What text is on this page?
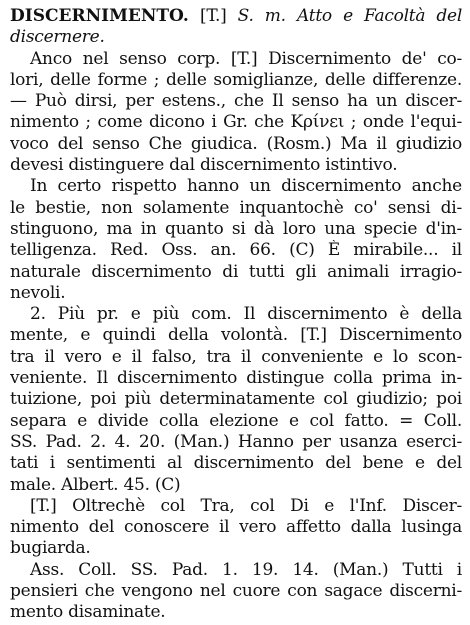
DISCERNIMENTO. [T.] S. m. Atto e Facoltà del
discernere.
Anco nel senso corp. [T.] Discernimento de' co-
lori, delle forme ; delle somiglianze, delle differenze.
— Può dirsi, per estens., che Il senso ha un discer-
nimento ; come dicono i Gr. che Κρίνει ; onde l'equi-
voco del senso Che giudica. (Rosm.) Ma il giudizio
devesi distinguere dal discernimento istintivo.
In certo rispetto hanno un discernimento anche
le bestie, non solamente inquantochè co' sensi di-
stinguono, ma in quanto si dà loro una specie d'in-
telligenza. Red. Oss. an. 66. (C) È mirabile... il
naturale discernimento di tutti gli animali irragio-
nevoli.
2. Più pr. e più com. Il discernimento è della
mente, e quindi della volontà. [T.] Discernimento
tra il vero e il falso, tra il conveniente e lo scon-
veniente. Il discernimento distingue colla prima in-
tuizione, poi più determinatamente col giudizio; poi
separa e divide colla elezione e col fatto. = Coll.
SS. Pad. 2. 4. 20. (Man.) Hanno per usanza eserci-
tati i sentimenti al discernimento del bene e del
male. Albert. 45. (C)
[T.] Oltrechè col Tra, col Di e l'Inf. Discer-
nimento del conoscere il vero affetto dalla lusinga
bugiarda.
Ass. Coll. SS. Pad. 1. 19. 14. (Man.) Tutti i
pensieri che vengono nel cuore con sagace discerni-
mento disaminate.
